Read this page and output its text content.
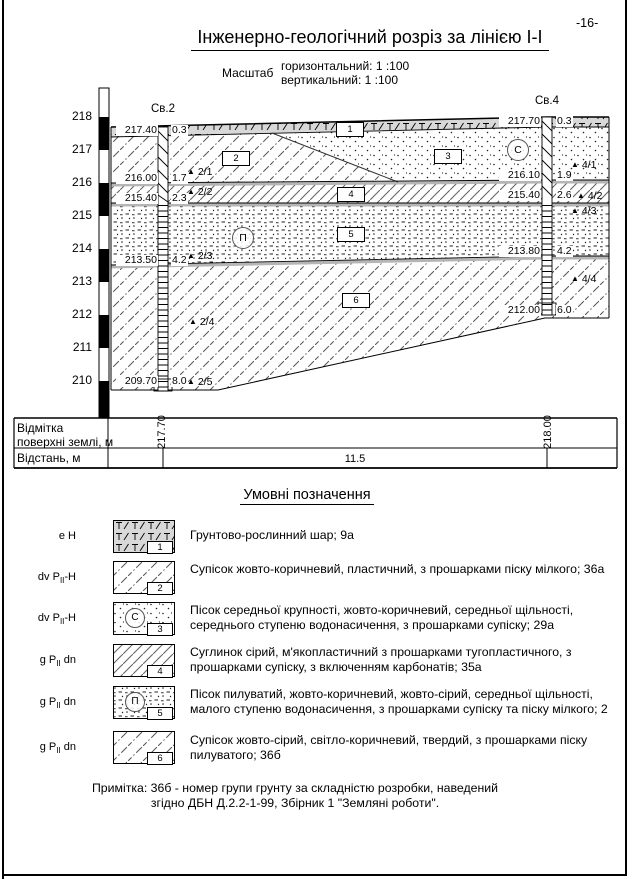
-16-
Інженерно-геологічний розріз за лінією I-I
Масштаб горизонтальний: 1 :100
вертикальний: 1 :100
218
217
216
215
214
213
212
211
210
Св.2
Св.4
217.40 0.3
216.00 1.7
215.40 2.3
213.50 4.2
209.70 8.0
▲ 2/1
▲ 2/2
▲ 2/3
▲ 2/4
▲ 2/5
217.70 0.3
216.10 1.9
215.40 2.6
213.80 4.2
212.00 6.0
▲ 4/1
▲ 4/2
▲ 4/3
▲ 4/4
1
2	3
4
5
6
С
П
Відмітка
поверхні землі, м	217.70	218.00
Відстань, м	11.5
Умовні позначення
е Н
1
Грунтово-рослинний шар; 9а
dv $P_{II}-Н$
2
Супісок жовто-коричневий, пластичний, з прошарками піску мілкого; 36а
dv $P_{II}-Н$	С
3
Пісок середньої крупності, жовто-коричневий, середньої щільності, середнього ступеню водонасичення, з прошарками супіску; 29а
g $P_{II}$ dn
4
Суглинок сірий, м'якопластичний з прошарками тугопластичного, з прошарками супіску, з включенням карбонатів; 35а
g $P_{II}$ dn	П
5
Пісок пилуватий, жовто-коричневий, жовто-сірий, середньої щільності, малого ступеню водонасичення, з прошарками супіску та піску мілкого; 2
g $P_{II}$ dn
6
Супісок жовто-сірий, світло-коричневий, твердий, з прошарками піску пилуватого; 36б
Примітка: 36б - номер групи грунту за складністю розробки, наведений
згідно ДБН Д.2.2-1-99, Збірник 1 "Земляні роботи".
